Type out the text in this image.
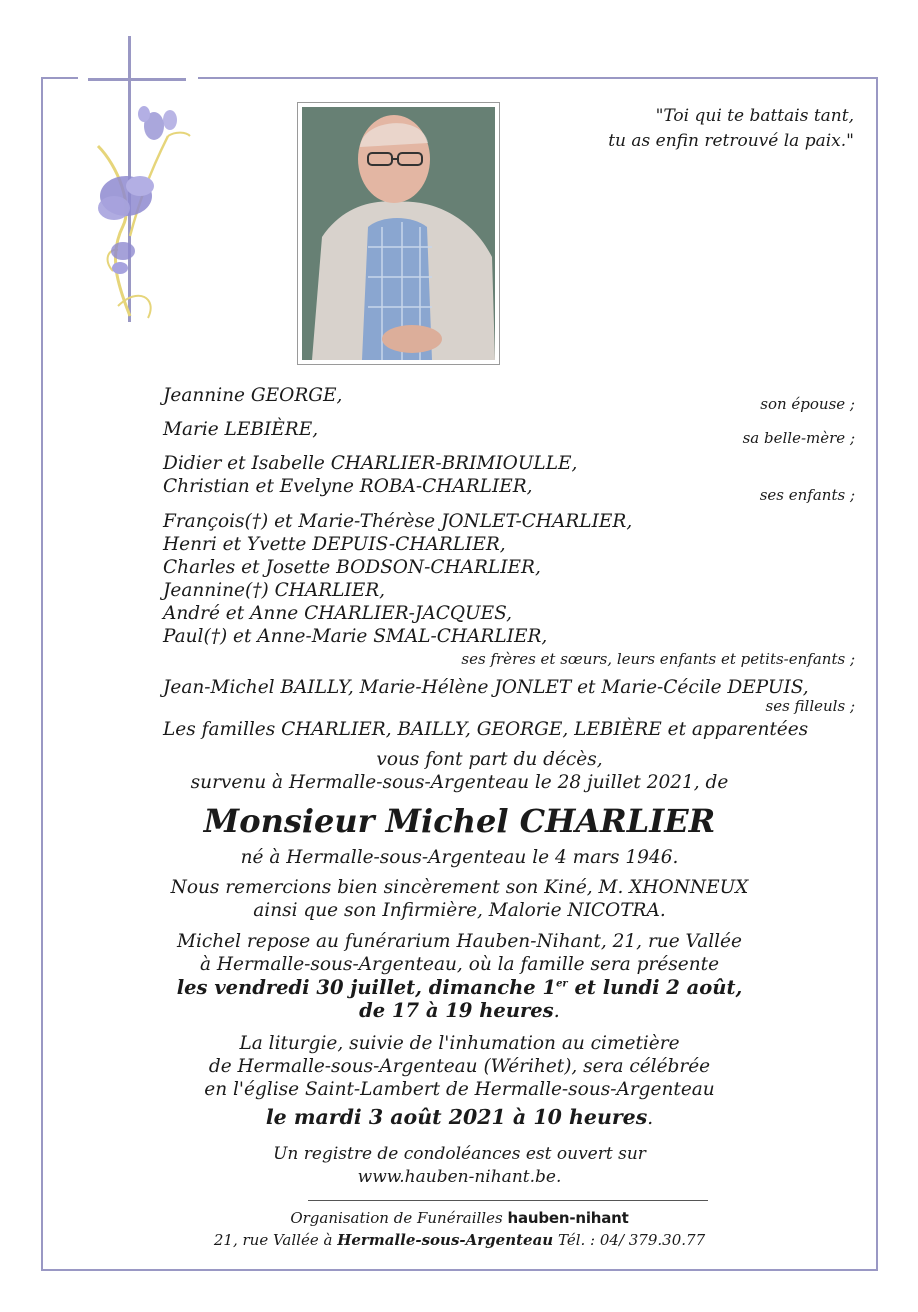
"Toi qui te battais tant,
tu as enfin retrouvé la paix."
Jeannine GEORGE,	son épouse ;
Marie LEBIÈRE,	sa belle-mère ;
Didier et Isabelle CHARLIER-BRIMIOULLE,
Christian et Evelyne ROBA-CHARLIER,	ses enfants ;
François(†) et Marie-Thérèse JONLET-CHARLIER,
Henri et Yvette DEPUIS-CHARLIER,
Charles et Josette BODSON-CHARLIER,
Jeannine(†) CHARLIER,
André et Anne CHARLIER-JACQUES,
Paul(†) et Anne-Marie SMAL-CHARLIER,
ses frères et sœurs, leurs enfants et petits-enfants ;
Jean-Michel BAILLY, Marie-Hélène JONLET et Marie-Cécile DEPUIS,
ses filleuls ;
Les familles CHARLIER, BAILLY, GEORGE, LEBIÈRE et apparentées
vous font part du décès,
survenu à Hermalle-sous-Argenteau le 28 juillet 2021, de
Monsieur Michel CHARLIER
né à Hermalle-sous-Argenteau le 4 mars 1946.
Nous remercions bien sincèrement son Kiné, M. XHONNEUX
ainsi que son Infirmière, Malorie NICOTRA.
Michel repose au funérarium Hauben-Nihant, 21, rue Vallée
à Hermalle-sous-Argenteau, où la famille sera présente
les vendredi 30 juillet, dimanche 1er et lundi 2 août,
de 17 à 19 heures.
La liturgie, suivie de l'inhumation au cimetière
de Hermalle-sous-Argenteau (Wérihet), sera célébrée
en l'église Saint-Lambert de Hermalle-sous-Argenteau
le mardi 3 août 2021 à 10 heures.
Un registre de condoléances est ouvert sur
www.hauben-nihant.be.
Organisation de Funérailles hauben-nihant
21, rue Vallée à Hermalle-sous-Argenteau Tél. : 04/ 379.30.77
